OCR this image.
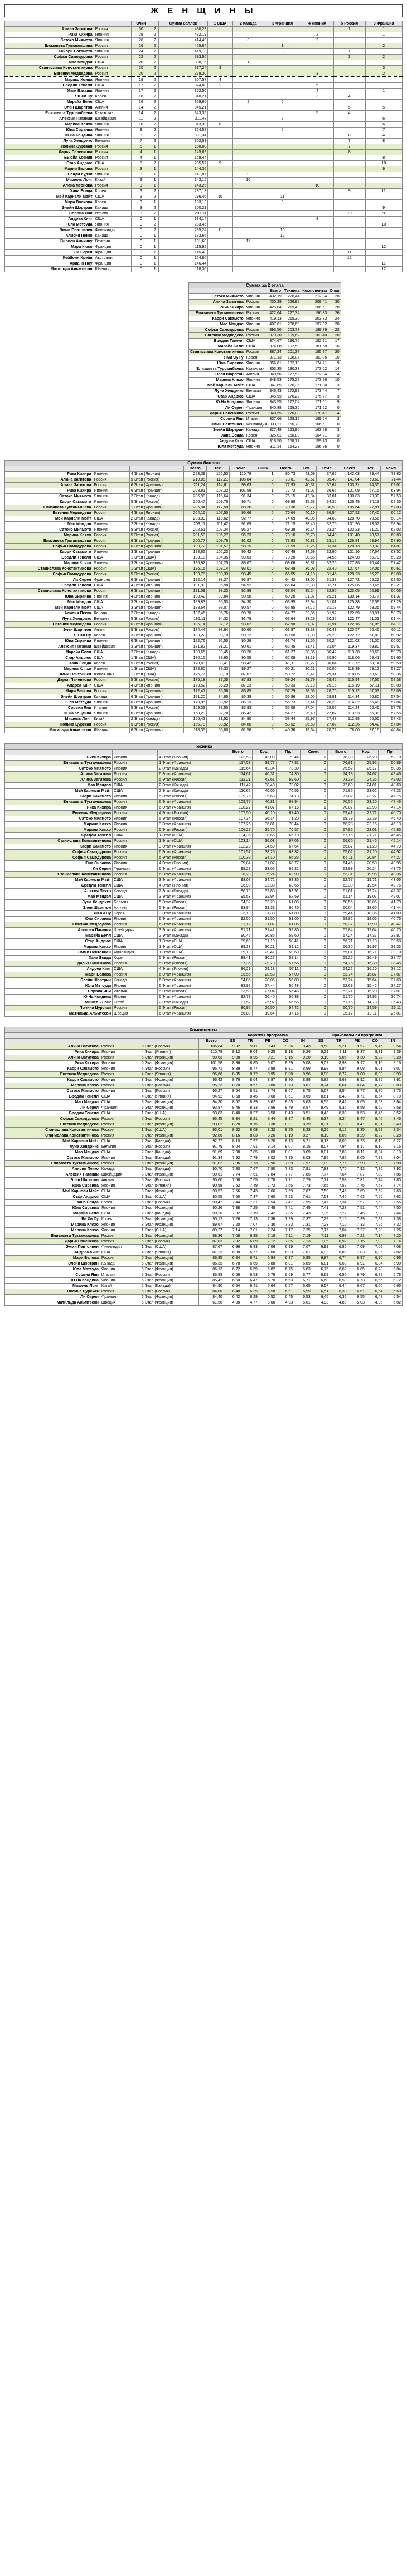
Ж Е Н Щ И Н Ы
		Очки		Сумма баллов	1 США	2 Канада	3 Франция	4 Япония	5 Россия	6 Франция
Алина Загитова	Россия	30	2	430,29					1	1
Рика Кихира	Япония	28	2	432,19				2		1
Сатоко Миямото	Япония	26	2	414,49		3		2		
Елизавета Туктамышева	Россия	26	2	425,64			1			2
Кайори Сакамото	Япония	24	2	419,13			3		1	
Софья Самодурова	Россия	22	2	393,50					3	2
Мао Мэндэл	США	20	2	390,15		1				
Станислава Константинова	Россия	20	2	387,24	3					3
Евгения Медведева	Россия	20	2	379,30				3		2
Марико Хонда	Япония	18	2	367,57	4		4			
Бредли Тенелл	США	17	2	374,08	2			5		
Маги Вакаши	Япония	17	2	352,50				4		1
Ян Хи Су	Корея	16	2	340,21				3	4	
Марайа Белл	США	16	2	359,65		2	6			
Элен Шарптон	Англия	14	2	345,21					5	5
Елизавета Турсынбаева	Казахстан	14	2	343,35				5	4	
Алексия Пагании	Швейцария	11	2	311,48			7			6
Марина Кляхо	Япония	10	2	313,39	6					6
Юна Сираива	Япония	9	2	324,58			5			7
Ю На Кондина	Япония	9	2	301,34					8	4
Луна Хендрикс	Бельгия	7	2	302,53					7	8
Полина Цурская	Россия	5	1	150,08					7	
Дарья Паненкова	Россия	4	1	145,89					8	
Бьюйл Ксения	Россия	4	1	159,44						8
Стар Андрюс	США	3	2	285,57	9					10
Марии Белова	Россия	3	1	144,36						9
Сэнди Кудзи	Япония	3	1	141,87		9				
Мишель Лонг	Китай	3	1	143,15		10				
Алёна Леонова	Россия	3	1	143,26				10		
Хана Ёсида	Корея	3	2	287,13					9	11
Мэй Карнели Мэйт	США	3	2	296,46	10		11			
Мэри Волкова	Корея	3	1	133,13			9			
Элейн Шэртрин	Канада	3	2	300,21						9
Сорвиа Яни	Италия	3	2	297,11					10	9
Андреа Кинг	США	0	1	134,14				8		
Юла Мэтсуда	Япония	0	2	283,46						10
Эмми Пентоннен	Финляндия	0	2	285,24	11		10			
Алисия Пекко	Канада	0	1	133,66			12			
Вивиен Аникину	Венгрия	0	1	131,60		11				
Мэри Кюсо	Франция	0	1	115,92						12
Ли Серел	Франция	0	1	145,48					11	
Кейбонн Хрейн	Австралия	0	1	124,80					12	
Арианэ Поу	Франция	0	1	146,44						11
Матильда Альмтесон	Швеция	0	1	118,36						12
Сумма за 2 этапа					
		Всего	Техника	Компоненты	Очки
Сатоко Миямото	Япония	432,19	228,44	212,94	28
Алина Загитова	Россия	430,29	228,82	208,41	30
Рика Кихира	Япония	425,64	219,43	206,61	28
Елизавета Туктамышева	Россия	422,64	227,34	196,33	26
Каори Сакамото	Япония	419,13	215,30	203,83	24
Мао Мэндэл	Япония	407,61	208,69	197,32	20
Софья Самодурова	Россия	393,50	203,78	189,79	22
Евгения Медведева	Россия	379,30	199,62	183,40	20
Бредли Тенелл	США	374,67	196,76	182,91	17
Марайа Белл	США	374,08	192,50	181,58	16
Станислава Константинова	Россия	387,24	201,37	185,87	20
Ями Су Гу	Корея	371,13	188,07	183,06	16
Юна Сираива	Япония	356,81	182,10	174,71	9
Елизавета Турсынбаева	Казахстан	353,35	180,33	173,02	14
Элен Шарптон	Англия	349,56	177,52	172,04	14
Марина Кляхо	Япония	348,53	175,27	173,26	10
Мэй Карнели Мэйт	США	347,65	176,35	171,30	3
Луна Хендрикс	Бельгия	346,43	172,99	173,44	7
Стар Андрюс	США	345,99	170,22	175,77	3
Ю На Кондина	Япония	343,55	172,04	171,51	9
Ли Серел	Франция	340,88	169,36	171,52	0
Дарья Паненкова	Россия	340,55	170,08	170,47	4
Сорвиа Яни	Италия	337,66	168,12	169,54	3
Эмми Пентоннен	Финляндия	333,21	166,70	166,51	0
Элейн Шэртрин	Канада	327,48	163,90	163,58	3
Хана Ёсида	Корея	325,01	160,80	164,21	3
Андреа Кинг	США	318,50	158,77	159,73	0
Юла Мэтсуда	Япония	311,14	154,28	156,86	0
Сумма баллов												
			Всего	Тех.	Комп.	Сниж.	Всего	Тех.	Комп.	Всего	Тех.	Комп.
Рика Кихира	Япония	4 Этап (Япония)	223,39	122,53	110,78	1	80,73	43,09	37,65	142,63	79,44	73,80
Алина Загитова	Россия	5 Этап (Россия)	219,05	112,21	106,84	0	78,01	42,61	35,40	141,04	69,60	71,44
Алина Загитова	Россия	6 Этап (Франция)	211,24	114,61	99,63	0	77,93	40,31	37,62	133,31	74,30	62,01
Рика Кихира	Япония	6 Этап (Франция)	208,81	108,22	101,58	1	77,72	41,07	36,65	131,09	67,15	63,94
Сатоко Миямото	Япония	2 Этап (Канада)	206,98	115,64	91,34	0	76,15	42,34	33,81	130,83	73,30	57,53
Каори Сакамото	Япония	5 Этап (Россия)	206,47	109,76	96,71	0	69,98	35,63	34,35	136,49	74,13	62,36
Елизавета Туктамышева	Россия	1 Этап (Франция)	205,94	117,58	88,36	0	70,30	39,77	30,53	135,64	77,81	57,83
Евгения Медведева	Россия	4 Этап (Япония)	204,16	107,50	96,66	0	76,64	40,10	36,54	127,52	67,40	60,12
Мэй Карнели Мэйт	США	2 Этап (Канада)	203,39	110,62	92,77	0	74,69	40,06	34,63	128,70	70,56	58,14
Мао Мэндэл	Япония	2 Этап (Канада)	203,11	111,42	91,69	0	71,15	38,40	32,75	131,96	73,02	58,94
Сатоко Миямото	Япония	5 Этап (Россия)	202,61	107,34	95,27	0	69,38	36,14	33,24	133,23	71,20	62,03
Марина Кляхо	Россия	5 Этап (Россия)	201,50	106,27	95,23	0	70,10	35,70	34,40	131,40	70,57	60,83
Елизавета Туктамышева	Россия	6 Этап (Франция)	200,77	109,75	91,02	0	73,93	40,81	33,12	126,84	68,94	57,90
Софья Самодурова	Россия	6 Этап (Франция)	199,72	101,57	98,15	0	71,59	38,25	33,34	128,13	63,32	64,81
Каори Сакамото	Япония	3 Этап (Франция)	198,65	102,23	96,42	0	67,49	34,59	32,90	131,16	67,64	63,52
Бредли Тенелл	США	1 Этап (США)	198,18	104,35	93,83	0	73,20	38,65	34,55	124,98	65,70	59,28
Марина Кляхо	Япония	3 Этап (Франция)	196,92	107,25	89,67	0	69,06	36,81	32,25	127,86	70,44	57,42
Станислава Константинова	Россия	1 Этап (США)	196,15	103,14	93,01	0	68,48	36,08	32,40	127,67	67,06	60,61
Софья Самодурова	Россия	5 Этап (Россия)	193,78	100,33	93,45	0	65,55	34,10	31,45	128,23	66,23	62,00
Ли Серел	Франция	6 Этап (Франция)	192,14	98,27	93,87	0	64,42	33,05	31,37	127,72	65,22	62,50
Бредли Тенелл	США	4 Этап (Япония)	191,90	96,98	94,92	0	66,04	33,33	32,71	125,86	63,65	62,21
Станислава Константинова	Россия	6 Этап (Франция)	191,09	98,23	92,86	0	68,04	35,24	32,80	123,05	62,99	60,06
Юна Сираива	Япония	4 Этап (Япония)	190,42	99,84	90,58	0	60,28	31,07	29,21	130,14	68,77	61,37
Мао Мэндэл	США	3 Этап (Франция)	189,83	95,53	94,30	0	63,95	32,94	31,01	125,88	62,59	63,29
Мэй Карнели Мэйт	США	3 Этап (Франция)	188,64	98,07	90,57	0	65,85	34,72	31,13	122,79	63,35	59,44
Алисия Пекко	Канада	2 Этап (Канада)	187,46	96,76	90,70	0	64,77	32,85	31,92	122,69	63,91	58,78
Луна Хендрикс	Бельгия	5 Этап (Россия)	186,11	94,32	91,79	0	63,64	33,29	30,35	122,47	61,03	61,44
Евгения Медведева	Россия	6 Этап (Франция)	185,14	92,12	93,02	0	62,98	31,07	31,91	122,16	61,05	61,11
Элен Шарптон	Англия	5 Этап (Россия)	184,44	93,84	90,60	0	63,87	33,38	30,49	120,57	60,46	60,11
Ян Хи Су	Корея	3 Этап (Франция)	183,22	93,10	90,12	0	60,50	31,30	29,20	122,72	61,80	60,92
Юна Сираива	Япония	6 Этап (Франция)	182,76	92,50	90,26	0	61,74	31,50	30,24	121,02	61,00	60,02
Алексия Пагании	Швейцария	3 Этап (Франция)	181,82	91,21	90,61	0	62,45	31,41	31,04	119,37	59,80	59,57
Марайа Белл	США	2 Этап (Канада)	180,65	90,45	90,20	0	61,27	30,85	30,42	119,38	59,60	59,78
Стар Андрюс	США	1 Этап (США)	180,15	89,60	90,55	0	62,09	31,19	30,90	118,06	58,41	59,65
Хана Ёсида	Корея	5 Этап (Россия)	178,83	88,41	90,42	0	61,11	30,27	30,84	117,72	58,14	59,58
Марина Кляхо	Япония	1 Этап (США)	178,60	89,33	89,27	0	60,21	30,21	30,00	118,39	59,12	59,27
Эмми Пентоннен	Финляндия	1 Этап (США)	176,77	89,10	87,67	0	58,72	29,41	29,31	118,05	59,69	58,36
Дарья Паненкова	Россия	5 Этап (Россия)	175,18	87,35	87,83	0	59,24	29,79	29,45	115,94	57,56	58,38
Андреа Кинг	США	4 Этап (Япония)	173,52	86,29	87,23	0	58,33	29,18	29,15	115,19	57,11	58,08
Мари Белова	Россия	6 Этап (Франция)	172,41	85,56	86,85	0	57,29	28,53	28,76	115,12	57,03	58,09
Элейн Шэртрин	Канада	6 Этап (Франция)	171,20	84,85	86,35	0	56,86	28,05	28,81	114,34	56,80	57,54
Юла Мэтсуда	Япония	6 Этап (Франция)	170,05	83,92	86,13	0	55,73	27,44	28,29	114,32	56,48	57,84
Сорвиа Яни	Италия	5 Этап (Россия)	169,33	83,50	85,83	0	55,09	27,04	28,05	114,24	56,46	57,78
Ю На Кондина	Япония	6 Этап (Франция)	168,20	82,78	85,42	0	54,27	26,40	27,87	113,93	56,38	57,55
Мишель Лонг	Китай	2 Этап (Канада)	166,42	81,52	84,90	0	53,44	25,97	27,47	112,98	55,55	57,43
Полина Цурская	Россия	5 Этап (Россия)	165,78	80,92	84,86	0	53,52	26,50	27,02	112,26	54,42	57,84
Матильда Альмтесон	Швеция	6 Этап (Франция)	118,36	56,80	61,56	0	40,36	19,64	20,72	78,00	37,16	40,84
Техника									
			Всего	Кор.	Пр.	Сниж.	Всего	Кор.	Пр.
Рика Кихира	Япония	4 Этап (Япония)	122,53	43,09	79,44	1	78,30	26,20	52,10
Елизавета Туктамышева	Россия	1 Этап (Франция)	117,58	39,77	77,81	0	76,81	25,92	50,89
Сатоко Миямото	Япония	2 Этап (Канада)	115,64	42,34	73,30	0	75,52	25,17	50,35
Алина Загитова	Россия	6 Этап (Франция)	114,61	40,31	74,30	0	74,13	24,67	49,46
Алина Загитова	Россия	5 Этап (Россия)	112,21	42,61	69,60	0	73,39	24,36	49,03
Мао Мэндэл	США	2 Этап (Канада)	111,42	38,40	73,02	0	72,69	24,01	48,68
Мэй Карнели Мэйт	США	2 Этап (Канада)	110,62	40,06	70,56	0	71,85	23,62	48,23
Каори Сакамото	Япония	5 Этап (Россия)	109,76	35,63	74,13	0	71,02	23,27	47,75
Елизавета Туктамышева	Россия	6 Этап (Франция)	109,75	40,81	68,94	0	70,56	23,10	47,46
Рика Кихира	Япония	6 Этап (Франция)	108,22	41,07	67,15	1	70,07	22,93	47,14
Евгения Медведева	Россия	4 Этап (Япония)	107,50	40,10	67,40	0	69,41	22,71	46,70
Сатоко Миямото	Япония	5 Этап (Россия)	107,34	36,14	71,20	0	68,79	22,39	46,40
Марина Кляхо	Япония	3 Этап (Франция)	107,25	36,81	70,44	0	68,28	22,15	46,13
Марина Кляхо	Россия	5 Этап (Россия)	106,27	35,70	70,57	0	67,86	22,01	45,85
Бредли Тенелл	США	1 Этап (США)	104,35	38,65	65,70	0	67,16	21,71	45,45
Станислава Константинова	Россия	1 Этап (США)	103,14	36,08	67,06	0	66,60	21,46	45,14
Каори Сакамото	Япония	3 Этап (Франция)	102,23	34,59	67,64	0	66,07	21,28	44,79
Софья Самодурова	Россия	6 Этап (Франция)	101,57	38,25	63,32	0	65,62	21,10	44,52
Софья Самодурова	Россия	5 Этап (Россия)	100,33	34,10	66,23	0	65,11	20,84	44,27
Юна Сираива	Япония	4 Этап (Япония)	99,84	31,07	68,77	0	64,45	20,50	43,95
Ли Серел	Франция	6 Этап (Франция)	98,27	33,05	65,22	0	63,99	20,24	43,75
Станислава Константинова	Россия	6 Этап (Франция)	98,23	35,24	62,99	0	63,31	19,95	43,36
Мэй Карнели Мэйт	США	3 Этап (Франция)	98,07	34,72	63,35	0	62,77	19,71	43,06
Бредли Тенелл	США	4 Этап (Япония)	96,98	33,33	63,65	0	62,30	19,54	42,76
Алисия Пекко	Канада	2 Этап (Канада)	96,76	32,85	63,91	0	61,61	19,24	42,37
Мао Мэндэл	США	3 Этап (Франция)	95,53	32,94	62,59	0	61,14	19,07	42,07
Луна Хендрикс	Бельгия	5 Этап (Россия)	94,32	33,29	61,03	0	60,55	18,85	41,70
Элен Шарптон	Англия	5 Этап (Россия)	93,84	33,38	60,46	0	60,04	18,60	41,44
Ян Хи Су	Корея	3 Этап (Франция)	93,10	31,30	61,80	0	59,44	18,35	41,09
Юна Сираива	Япония	6 Этап (Франция)	92,50	31,50	61,00	0	58,82	18,06	40,76
Евгения Медведева	Россия	6 Этап (Франция)	92,12	31,07	61,05	0	58,37	17,90	40,47
Алексия Пагании	Швейцария	3 Этап (Франция)	91,21	31,41	59,80	0	57,84	17,64	40,20
Марайа Белл	США	2 Этап (Канада)	90,45	30,85	59,60	0	57,24	17,37	39,87
Стар Андрюс	США	1 Этап (США)	89,60	31,19	58,41	0	56,71	17,13	39,58
Марина Кляхо	Япония	1 Этап (США)	89,33	30,21	59,12	0	56,30	16,97	39,33
Эмми Пентоннен	Финляндия	1 Этап (США)	89,10	29,41	59,69	0	55,81	16,71	39,10
Хана Ёсида	Корея	5 Этап (Россия)	88,41	30,27	58,14	0	55,26	16,49	38,77
Дарья Паненкова	Россия	5 Этап (Россия)	87,35	29,79	57,56	0	54,75	16,30	38,45
Андреа Кинг	США	4 Этап (Япония)	86,29	29,18	57,11	0	54,22	16,10	38,12
Мари Белова	Россия	6 Этап (Франция)	85,56	28,53	57,03	0	53,74	15,87	37,87
Элейн Шэртрин	Канада	6 Этап (Франция)	84,85	28,05	56,80	0	53,24	15,64	37,60
Юла Мэтсуда	Япония	6 Этап (Франция)	83,92	27,44	56,48	0	52,69	15,42	37,27
Сорвиа Яни	Италия	5 Этап (Россия)	83,50	27,04	56,46	0	52,21	15,20	37,01
Ю На Кондина	Япония	6 Этап (Франция)	82,78	26,40	56,38	0	51,70	14,96	36,74
Мишель Лонг	Китай	2 Этап (Канада)	81,52	25,97	55,55	0	51,16	14,73	36,43
Полина Цурская	Россия	5 Этап (Россия)	80,92	26,50	54,42	0	50,70	14,59	36,11
Матильда Альмтесон	Швеция	6 Этап (Франция)	56,80	19,64	37,16	0	35,12	10,11	25,01
Компоненты													
				Короткая программа					Произвольная программа				
			Всего	SS	TR	PE	CO	IN	SS	TR	PE	CO	IN
Алина Загитова	Россия	5 Этап (Россия)	106,84	9,32	9,11	9,43	9,36	9,43	9,50	9,21	9,57	9,46	9,54
Рика Кихира	Япония	4 Этап (Япония)	110,78	9,12	9,04	9,25	9,18	9,26	9,29	9,11	9,37	9,31	9,39
Алина Загитова	Россия	6 Этап (Франция)	99,63	9,08	8,96	9,21	9,15	9,20	9,19	9,05	9,30	9,22	9,28
Рика Кихира	Япония	6 Этап (Франция)	101,58	8,96	8,85	9,07	8,99	9,08	9,07	8,93	9,17	9,10	9,16
Каори Сакамото	Япония	5 Этап (Россия)	96,71	8,89	8,77	8,98	8,91	8,99	8,98	8,84	9,08	9,01	9,07
Евгения Медведева	Россия	4 Этап (Япония)	96,66	8,85	8,72	8,95	8,88	8,96	8,90	8,77	9,00	8,93	8,99
Каори Сакамото	Япония	3 Этап (Франция)	96,42	8,76	8,64	8,87	8,80	8,88	8,82	8,69	8,92	8,85	8,91
Марина Кляхо	Россия	5 Этап (Россия)	95,23	8,70	8,57	8,80	8,73	8,81	8,74	8,61	8,84	8,77	8,83
Сатоко Миямото	Япония	5 Этап (Россия)	95,27	8,64	8,51	8,74	8,67	8,75	8,67	8,54	8,77	8,70	8,76
Бредли Тенелл	США	4 Этап (Япония)	94,92	8,58	8,45	8,68	8,61	8,69	8,61	8,48	8,71	8,64	8,70
Мао Мэндэл	США	3 Этап (Франция)	94,30	8,52	8,39	8,62	8,55	8,63	8,55	8,42	8,65	8,58	8,64
Ли Серел	Франция	6 Этап (Франция)	93,87	8,46	8,33	8,56	8,49	8,57	8,49	8,36	8,59	8,52	8,58
Бредли Тенелл	США	1 Этап (США)	93,83	8,40	8,27	8,50	8,43	8,51	8,43	8,30	8,53	8,46	8,52
Софья Самодурова	Россия	5 Этап (Россия)	93,45	8,34	8,21	8,44	8,37	8,45	8,37	8,24	8,47	8,40	8,46
Евгения Медведева	Россия	6 Этап (Франция)	93,02	8,28	8,15	8,38	8,31	8,39	8,31	8,18	8,41	8,34	8,40
Станислава Константинова	Россия	1 Этап (США)	93,01	8,22	8,09	8,32	8,25	8,33	8,25	8,12	8,35	8,28	8,34
Станислава Константинова	Россия	6 Этап (Франция)	92,86	8,16	8,03	8,26	8,19	8,27	8,19	8,06	8,29	8,22	8,28
Мэй Карнели Мэйт	США	2 Этап (Канада)	92,77	8,10	7,97	8,20	8,13	8,21	8,13	8,00	8,23	8,16	8,22
Луна Хендрикс	Бельгия	5 Этап (Россия)	91,79	8,04	7,91	8,14	8,07	8,15	8,07	7,94	8,17	8,10	8,16
Мао Мэндэл	США	2 Этап (Канада)	91,69	7,98	7,85	8,08	8,01	8,09	8,01	7,88	8,11	8,04	8,10
Сатоко Миямото	Япония	2 Этап (Канада)	91,34	7,92	7,79	8,02	7,95	8,03	7,95	7,82	8,05	7,98	8,04
Елизавета Туктамышева	Россия	6 Этап (Франция)	91,02	7,86	7,73	7,96	7,89	7,97	7,89	7,76	7,99	7,92	7,98
Алисия Пекко	Канада	2 Этап (Канада)	90,70	7,80	7,67	7,90	7,83	7,91	7,83	7,70	7,93	7,86	7,92
Алексия Пагании	Швейцария	3 Этап (Франция)	90,61	7,74	7,61	7,84	7,77	7,85	7,77	7,64	7,87	7,80	7,86
Элен Шарптон	Англия	5 Этап (Россия)	90,60	7,68	7,55	7,78	7,71	7,79	7,71	7,58	7,81	7,74	7,80
Юна Сираива	Япония	4 Этап (Япония)	90,58	7,62	7,49	7,72	7,65	7,73	7,65	7,52	7,75	7,68	7,74
Мэй Карнели Мэйт	США	3 Этап (Франция)	90,57	7,56	7,43	7,66	7,59	7,67	7,59	7,46	7,69	7,62	7,68
Стар Андрюс	США	1 Этап (США)	90,55	7,50	7,37	7,60	7,53	7,61	7,53	7,40	7,63	7,56	7,62
Хана Ёсида	Корея	5 Этап (Россия)	90,42	7,44	7,31	7,54	7,47	7,55	7,47	7,34	7,57	7,50	7,56
Юна Сираива	Япония	6 Этап (Франция)	90,26	7,38	7,25	7,48	7,41	7,49	7,41	7,28	7,51	7,44	7,50
Марайа Белл	США	2 Этап (Канада)	90,20	7,32	7,19	7,42	7,35	7,43	7,35	7,22	7,45	7,38	7,44
Ян Хи Су	Корея	3 Этап (Франция)	90,12	7,26	7,13	7,36	7,29	7,37	7,29	7,16	7,39	7,32	7,38
Марина Кляхо	Япония	3 Этап (Франция)	89,67	7,20	7,07	7,30	7,23	7,31	7,23	7,10	7,33	7,26	7,32
Марина Кляхо	Япония	1 Этап (США)	89,27	7,14	7,01	7,24	7,17	7,25	7,17	7,04	7,27	7,20	7,26
Елизавета Туктамышева	Россия	1 Этап (Франция)	88,36	7,08	6,95	7,18	7,11	7,19	7,11	6,98	7,21	7,14	7,20
Дарья Паненкова	Россия	5 Этап (Россия)	87,83	7,02	6,89	7,12	7,05	7,13	7,05	6,92	7,15	7,08	7,14
Эмми Пентоннен	Финляндия	1 Этап (США)	87,67	6,96	6,83	7,06	6,99	7,07	6,99	6,86	7,09	7,02	7,08
Андреа Кинг	США	4 Этап (Япония)	87,23	6,90	6,77	7,00	6,93	7,01	6,93	6,80	7,03	6,96	7,02
Мари Белова	Россия	6 Этап (Франция)	86,85	6,84	6,71	6,94	6,87	6,95	6,87	6,74	6,97	6,90	6,96
Элейн Шэртрин	Канада	6 Этап (Франция)	86,35	6,78	6,65	6,88	6,81	6,89	6,81	6,68	6,91	6,84	6,90
Юла Мэтсуда	Япония	6 Этап (Франция)	86,13	6,72	6,59	6,82	6,75	6,83	6,75	6,62	6,85	6,78	6,84
Сорвиа Яни	Италия	5 Этап (Россия)	85,83	6,66	6,53	6,76	6,69	6,77	6,69	6,56	6,79	6,72	6,78
Ю На Кондина	Япония	6 Этап (Франция)	85,42	6,60	6,47	6,70	6,63	6,71	6,63	6,50	6,73	6,66	6,72
Мишель Лонг	Китай	2 Этап (Канада)	84,90	6,54	6,41	6,64	6,57	6,65	6,57	6,44	6,67	6,60	6,66
Полина Цурская	Россия	5 Этап (Россия)	84,86	6,48	6,35	6,58	6,51	6,59	6,51	6,38	6,61	6,54	6,60
Ли Серел	Франция	6 Этап (Франция)	84,40	6,42	6,29	6,52	6,45	6,53	6,45	6,32	6,55	6,48	6,54
Матильда Альмтесон	Швеция	6 Этап (Франция)	61,56	4,90	4,77	5,00	4,93	5,01	4,93	4,80	5,03	4,96	5,02
